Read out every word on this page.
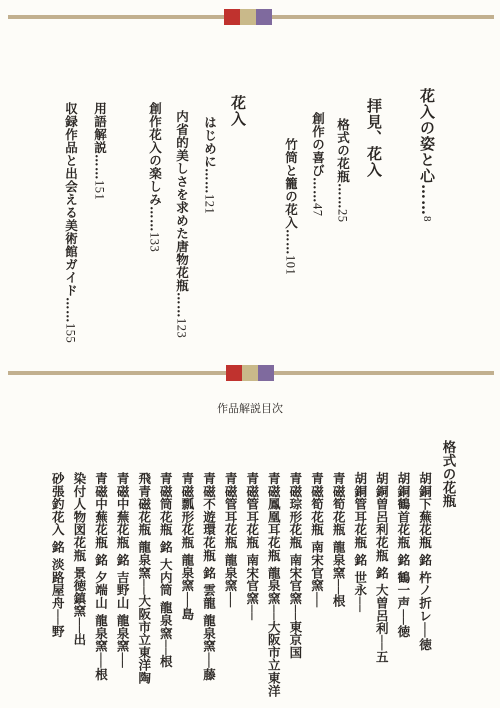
花入の姿と心……8
拝見、花入
格式の花瓶……25
創作の喜び……47
竹筒と籠の花入……101
花入
はじめに……121
内省的美しさを求めた唐物花瓶……123
創作花入の楽しみ……133
用語解説……151
収録作品と出会える美術館ガイド……155
作品解説目次
格式の花瓶
胡銅下蕪花瓶 銘 杵ノ折レ──徳
胡銅鶴首花瓶 銘 鶴一声──徳
胡銅曽呂利花瓶 銘 大曽呂利──五
胡銅管耳花瓶 銘 世永──
青磁筍花瓶 龍泉窯──根
青磁筍花瓶 南宋官窯──
青磁琮形花瓶 南宋官窯──東京国
青磁鳳凰耳花瓶 龍泉窯──大阪市立東洋
青磁管耳花瓶 南宋官窯──
青磁管耳花瓶 龍泉窯──
青磁不遊環花瓶 銘 雲龍 龍泉窯──藤
青磁瓢形花瓶 龍泉窯──島
青磁筒花瓶 銘 大内筒 龍泉窯──根
飛青磁花瓶 龍泉窯──大阪市立東洋陶
青磁中蕪花瓶 銘 吉野山 龍泉窯──
青磁中蕪花瓶 銘 夕端山 龍泉窯──根
染付人物図花瓶 景徳鎮窯──出
砂張釣花入 銘 淡路屋舟──野
